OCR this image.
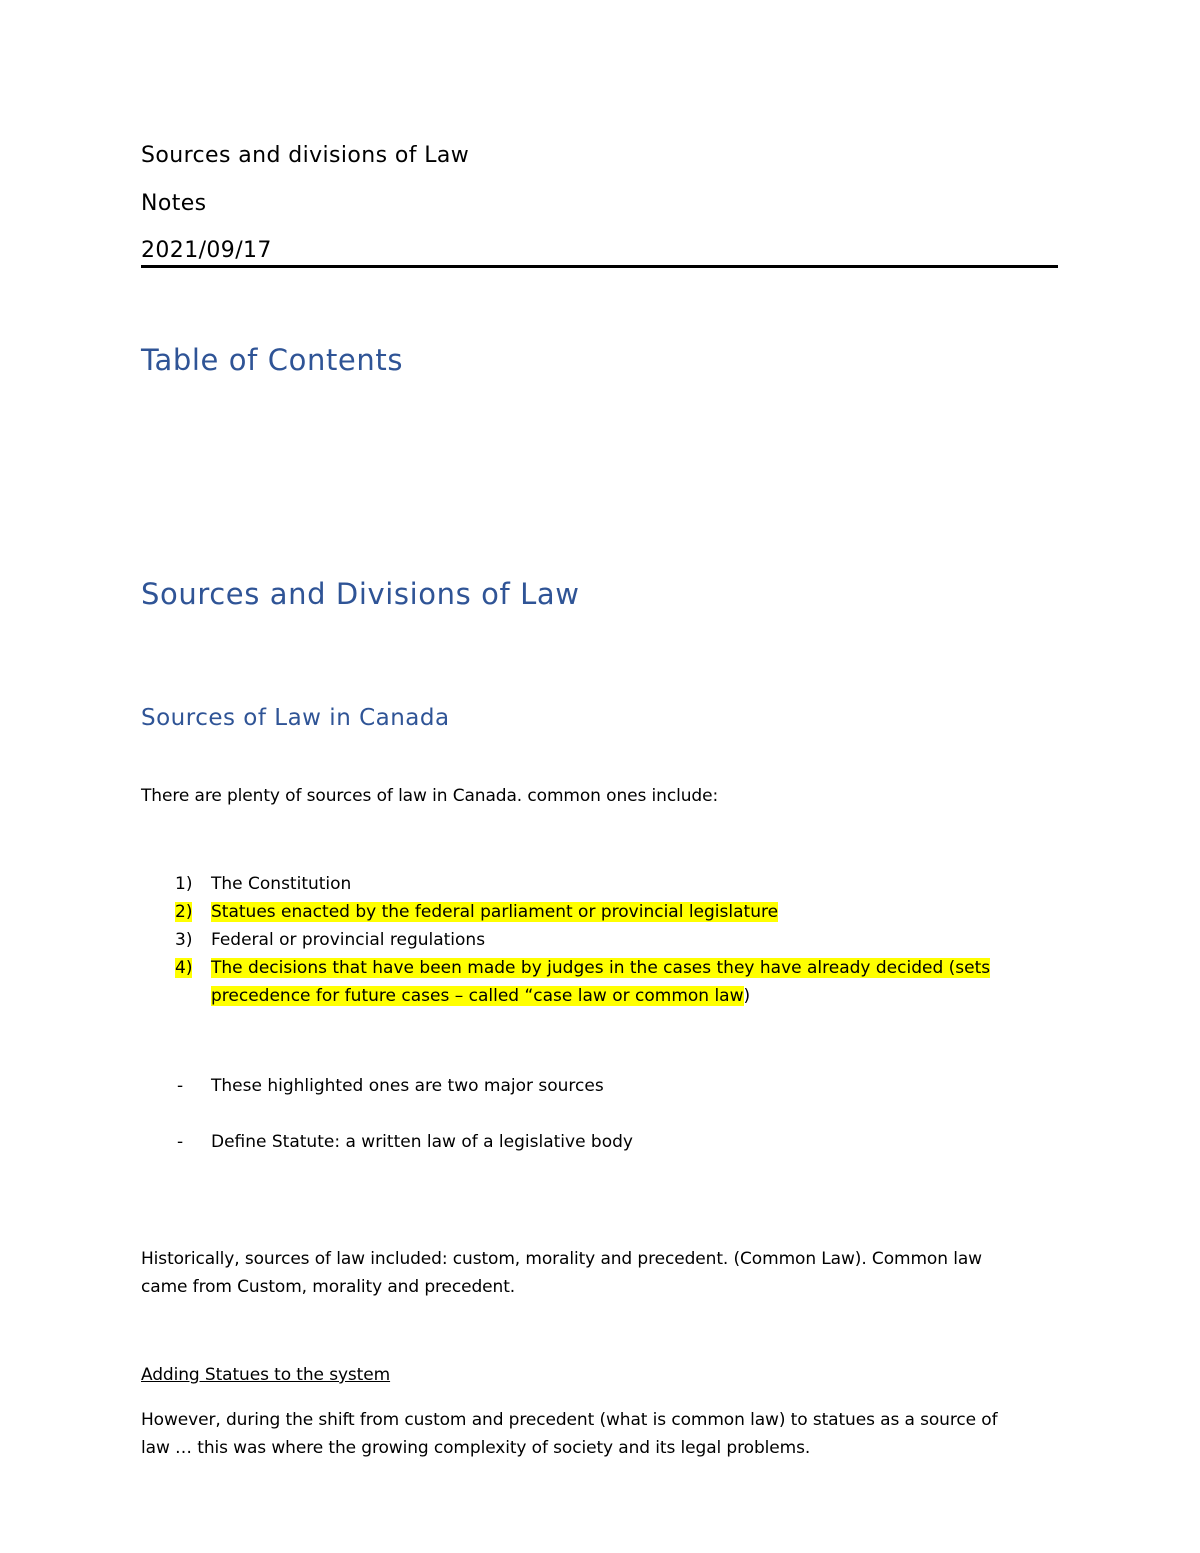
Sources and divisions of Law
Notes
2021/09/17
Table of Contents
Sources and Divisions of Law
Sources of Law in Canada
There are plenty of sources of law in Canada. common ones include:
1) The Constitution
2) Statues enacted by the federal parliament or provincial legislature
3) Federal or provincial regulations
4) The decisions that have been made by judges in the cases they have already decided (sets
precedence for future cases – called “case law or common law)
- These highlighted ones are two major sources
- Define Statute: a written law of a legislative body
Historically, sources of law included: custom, morality and precedent. (Common Law). Common law
came from Custom, morality and precedent.
Adding Statues to the system
However, during the shift from custom and precedent (what is common law) to statues as a source of
law … this was where the growing complexity of society and its legal problems.
